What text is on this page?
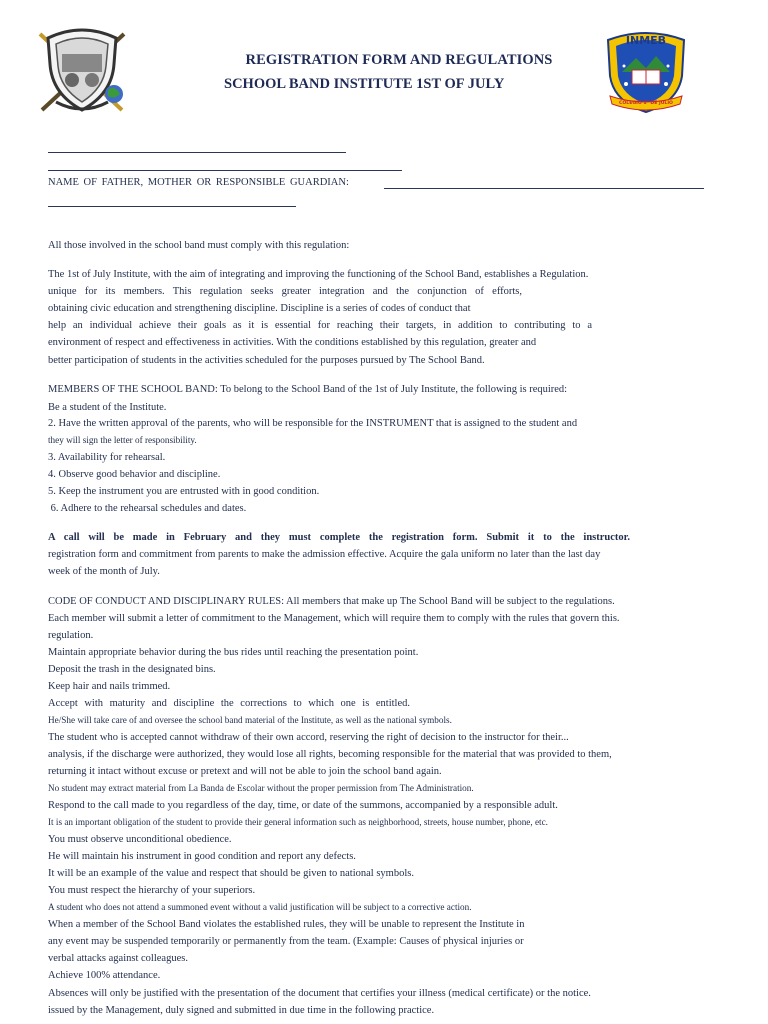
INMEB
COLEGIO 1° DE JULIO
REGISTRATION FORM AND REGULATIONS
SCHOOL BAND INSTITUTE 1ST OF JULY
NAME OF FATHER, MOTHER OR RESPONSIBLE GUARDIAN:
All those involved in the school band must comply with this regulation:
The 1st of July Institute, with the aim of integrating and improving the functioning of the School Band, establishes a Regulation.
unique for its members. This regulation seeks greater integration and the conjunction of efforts,
obtaining civic education and strengthening discipline. Discipline is a series of codes of conduct that
help an individual achieve their goals as it is essential for reaching their targets, in addition to contributing to a
environment of respect and effectiveness in activities. With the conditions established by this regulation, greater and
better participation of students in the activities scheduled for the purposes pursued by The School Band.
MEMBERS OF THE SCHOOL BAND: To belong to the School Band of the 1st of July Institute, the following is required:
Be a student of the Institute.
2. Have the written approval of the parents, who will be responsible for the INSTRUMENT that is assigned to the student and
they will sign the letter of responsibility.
3. Availability for rehearsal.
4. Observe good behavior and discipline.
5. Keep the instrument you are entrusted with in good condition.
6. Adhere to the rehearsal schedules and dates.
A call will be made in February and they must complete the registration form. Submit it to the instructor.
registration form and commitment from parents to make the admission effective. Acquire the gala uniform no later than the last day
week of the month of July.
CODE OF CONDUCT AND DISCIPLINARY RULES: All members that make up The School Band will be subject to the regulations.
Each member will submit a letter of commitment to the Management, which will require them to comply with the rules that govern this.
regulation.
Maintain appropriate behavior during the bus rides until reaching the presentation point.
Deposit the trash in the designated bins.
Keep hair and nails trimmed.
Accept with maturity and discipline the corrections to which one is entitled.
He/She will take care of and oversee the school band material of the Institute, as well as the national symbols.
The student who is accepted cannot withdraw of their own accord, reserving the right of decision to the instructor for their...
analysis, if the discharge were authorized, they would lose all rights, becoming responsible for the material that was provided to them,
returning it intact without excuse or pretext and will not be able to join the school band again.
No student may extract material from La Banda de Escolar without the proper permission from The Administration.
Respond to the call made to you regardless of the day, time, or date of the summons, accompanied by a responsible adult.
It is an important obligation of the student to provide their general information such as neighborhood, streets, house number, phone, etc.
You must observe unconditional obedience.
He will maintain his instrument in good condition and report any defects.
It will be an example of the value and respect that should be given to national symbols.
You must respect the hierarchy of your superiors.
A student who does not attend a summoned event without a valid justification will be subject to a corrective action.
When a member of the School Band violates the established rules, they will be unable to represent the Institute in
any event may be suspended temporarily or permanently from the team. (Example: Causes of physical injuries or
verbal attacks against colleagues.
Achieve 100% attendance.
Absences will only be justified with the presentation of the document that certifies your illness (medical certificate) or the notice.
issued by the Management, duly signed and submitted in due time in the following practice.
